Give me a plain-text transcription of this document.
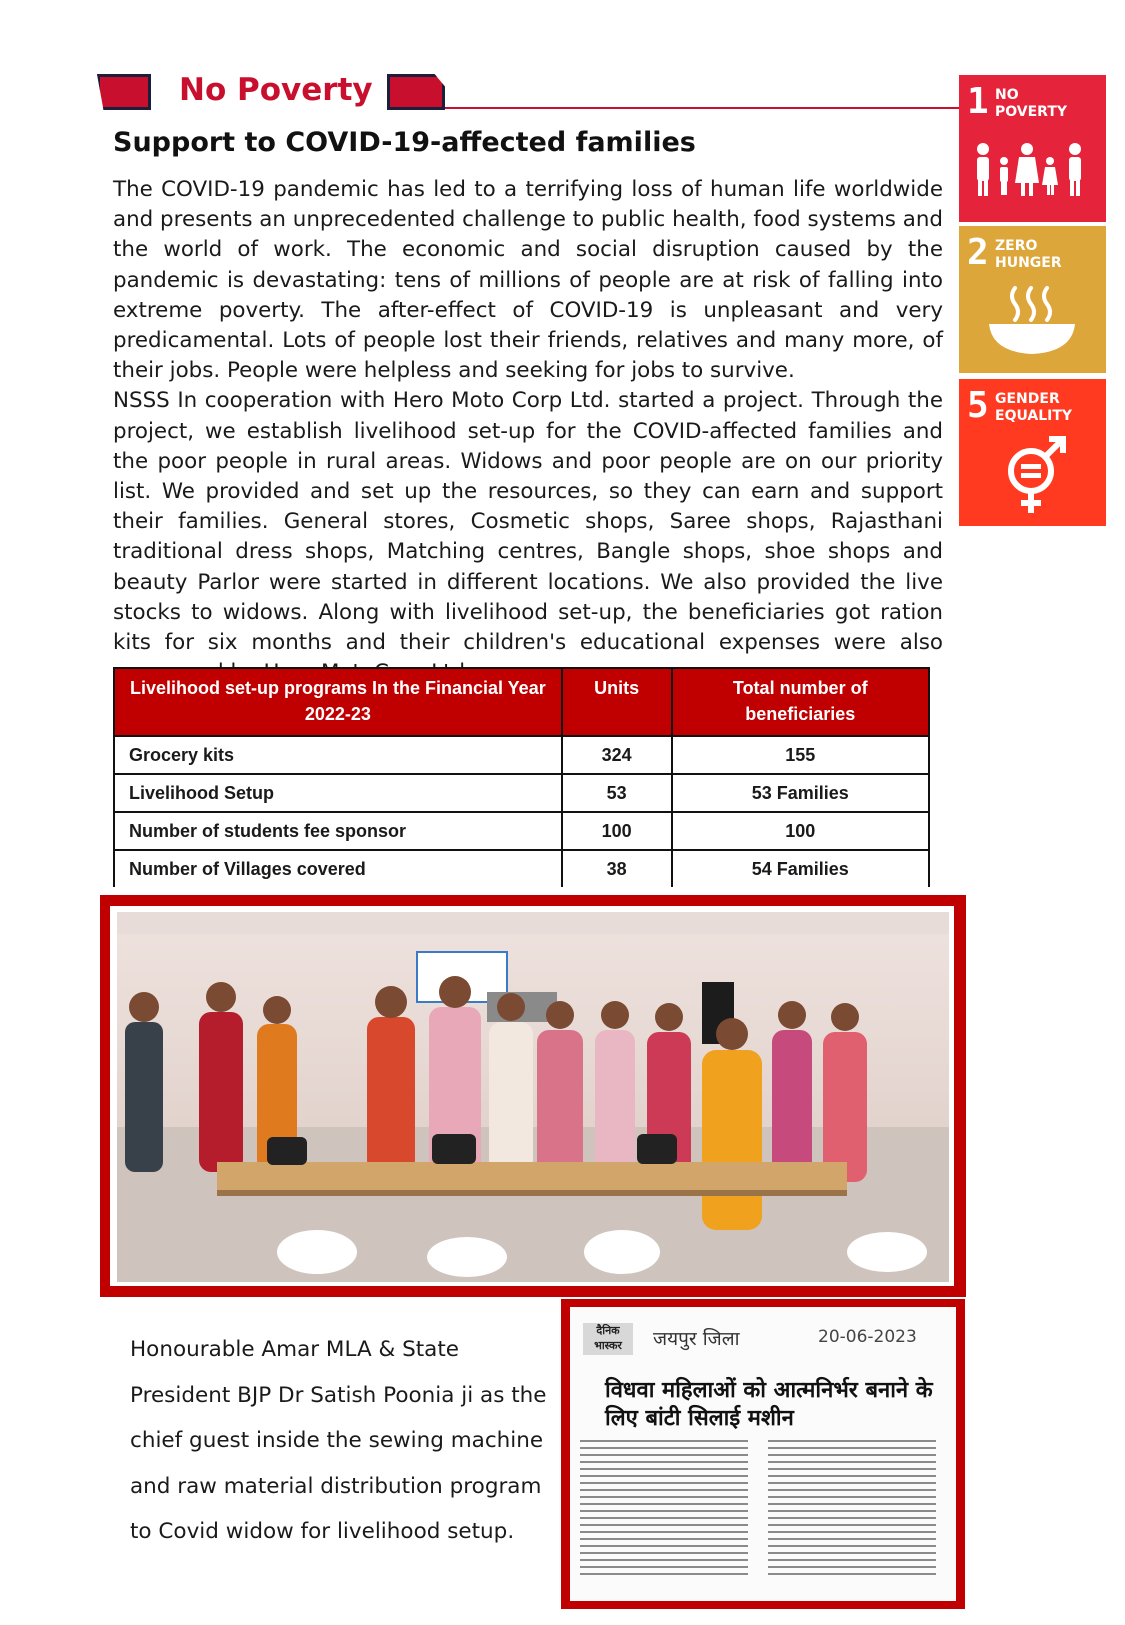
No Poverty
Support to COVID-19-affected families

The COVID-19 pandemic has led to a terrifying loss of human life worldwide and presents an unprecedented challenge to public health, food systems and the world of work. The economic and social disruption caused by the pandemic is devastating: tens of millions of people are at risk of falling into extreme poverty. The after-effect of COVID-19 is unpleasant and very predicamental. Lots of people lost their friends, relatives and many more, of their jobs. People were helpless and seeking for jobs to survive.

NSSS In cooperation with Hero Moto Corp Ltd. started a project. Through the project, we establish livelihood set-up for the COVID-affected families and the poor people in rural areas. Widows and poor people are on our priority list. We provided and set up the resources, so they can earn and support their families. General stores, Cosmetic shops, Saree shops, Rajasthani traditional dress shops, Matching centres, Bangle shops, shoe shops and beauty Parlor were started in different locations. We also provided the live stocks to widows. Along with livelihood set-up, the beneficiaries got ration kits for six months and their children's educational expenses were also

1 NO
POVERTY
2 ZERO
HUNGER
5 GENDER
EQUALITY
Livelihood set-up programs In the Financial Year 2022-23	Units	Total number of beneficiaries
Grocery kits	324	155
Livelihood Setup	53	53 Families
Number of students fee sponsor	100	100
Number of Villages covered	38	54 Families
Honourable Amar MLA & State President BJP Dr Satish Poonia ji as the chief guest inside the sewing machine and raw material distribution program to Covid widow for livelihood setup.
दैनिक भास्कर	जयपुर जिला	20-06-2023
विधवा महिलाओं को आत्मनिर्भर बनाने के लिए बांटी सिलाई मशीन
